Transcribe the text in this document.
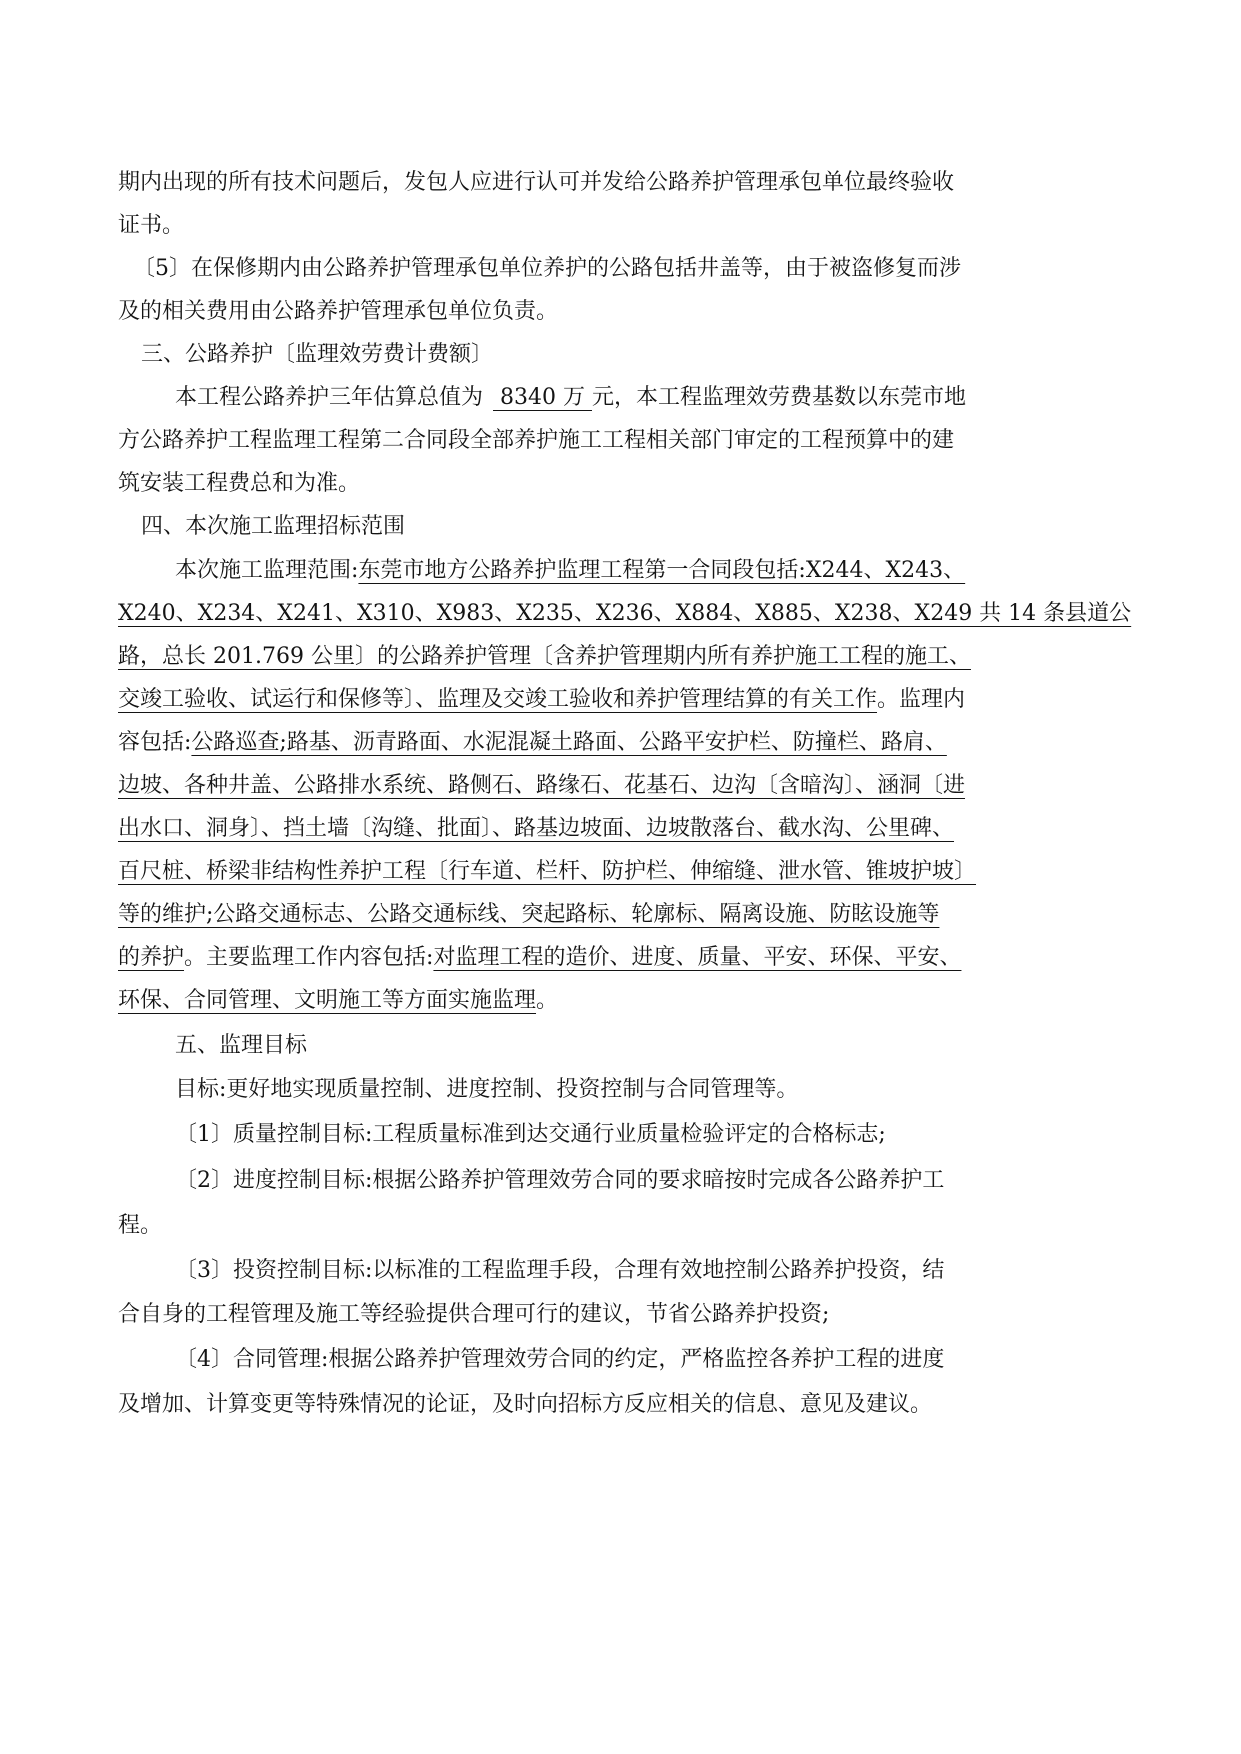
期内出现的所有技术问题后，发包人应进行认可并发给公路养护管理承包单位最终验收
证书。
〔5〕在保修期内由公路养护管理承包单位养护的公路包括井盖等，由于被盗修复而涉
及的相关费用由公路养护管理承包单位负责。
三、公路养护〔监理效劳费计费额〕
本工程公路养护三年估算总值为 8340 万 元，本工程监理效劳费基数以东莞市地
方公路养护工程监理工程第二合同段全部养护施工工程相关部门审定的工程预算中的建
筑安装工程费总和为准。
四、本次施工监理招标范围
本次施工监理范围:东莞市地方公路养护监理工程第一合同段包括:X244、X243、
X240、X234、X241、X310、X983、X235、X236、X884、X885、X238、X249 共 14 条县道公
路，总长 201.769 公里〕的公路养护管理〔含养护管理期内所有养护施工工程的施工、
交竣工验收、试运行和保修等〕、监理及交竣工验收和养护管理结算的有关工作。监理内
容包括:公路巡查;路基、沥青路面、水泥混凝土路面、公路平安护栏、防撞栏、路肩、
边坡、各种井盖、公路排水系统、路侧石、路缘石、花基石、边沟〔含暗沟〕、涵洞〔进
出水口、洞身〕、挡土墙〔沟缝、批面〕、路基边坡面、边坡散落台、截水沟、公里碑、
百尺桩、桥梁非结构性养护工程〔行车道、栏杆、防护栏、伸缩缝、泄水管、锥坡护坡〕
等的维护;公路交通标志、公路交通标线、突起路标、轮廓标、隔离设施、防眩设施等
的养护。主要监理工作内容包括:对监理工程的造价、进度、质量、平安、环保、平安、
环保、合同管理、文明施工等方面实施监理。
五、监理目标
目标:更好地实现质量控制、进度控制、投资控制与合同管理等。
〔1〕质量控制目标:工程质量标准到达交通行业质量检验评定的合格标志;
〔2〕进度控制目标:根据公路养护管理效劳合同的要求暗按时完成各公路养护工
程。
〔3〕投资控制目标:以标准的工程监理手段，合理有效地控制公路养护投资，结
合自身的工程管理及施工等经验提供合理可行的建议，节省公路养护投资;
〔4〕合同管理:根据公路养护管理效劳合同的约定，严格监控各养护工程的进度
及增加、计算变更等特殊情况的论证，及时向招标方反应相关的信息、意见及建议。
